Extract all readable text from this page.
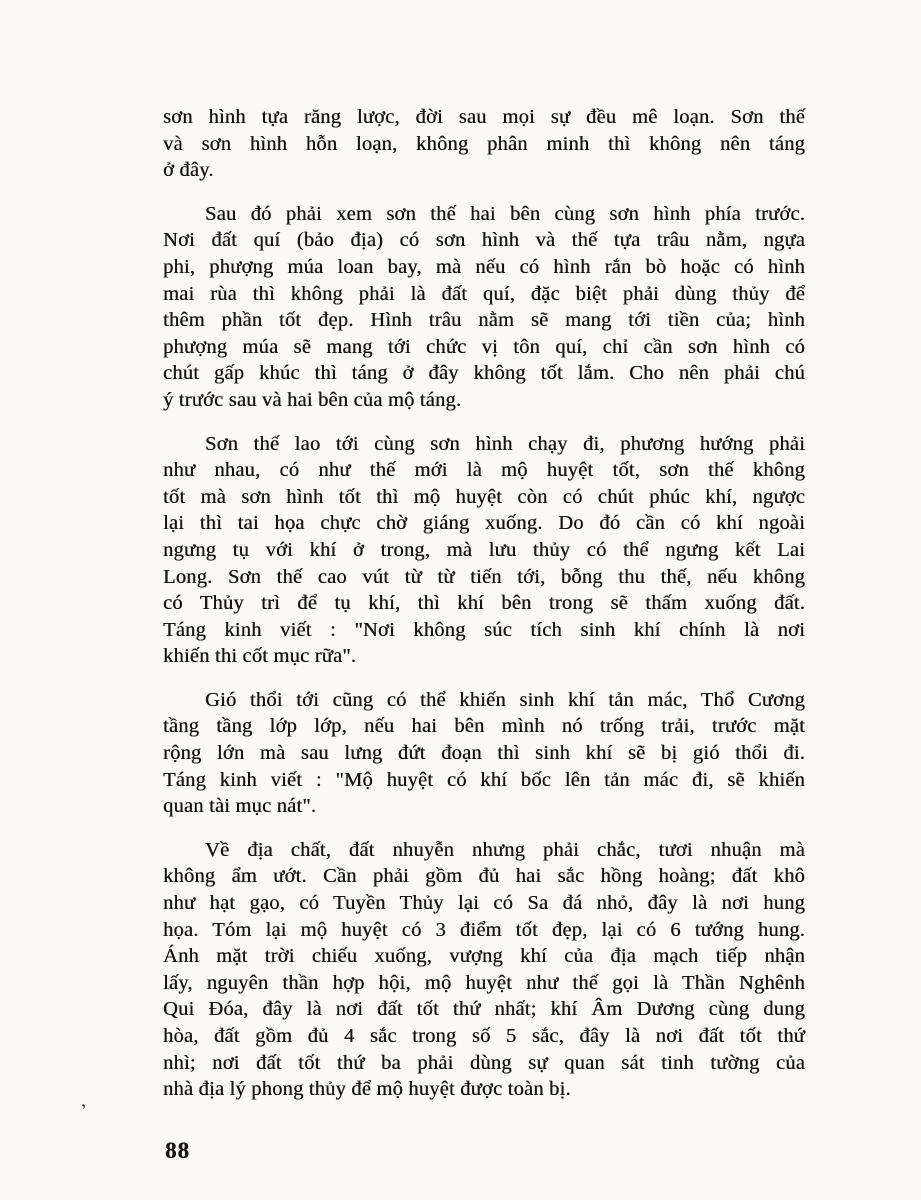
’

sơn hình tựa răng lược, đời sau mọi sự đều mê loạn. Sơn thế
và sơn hình hỗn loạn, không phân minh thì không nên táng
ở đây.

Sau đó phải xem sơn thế hai bên cùng sơn hình phía trước.
Nơi đất quí (bảo địa) có sơn hình và thế tựa trâu nằm, ngựa
phi, phượng múa loan bay, mà nếu có hình rắn bò hoặc có hình
mai rùa thì không phải là đất quí, đặc biệt phải dùng thủy để
thêm phần tốt đẹp. Hình trâu nằm sẽ mang tới tiền của; hình
phượng múa sẽ mang tới chức vị tôn quí, chỉ cần sơn hình có
chút gấp khúc thì táng ở đây không tốt lắm. Cho nên phải chú
ý trước sau và hai bên của mộ táng.

Sơn thế lao tới cùng sơn hình chạy đi, phương hướng phải
như nhau, có như thế mới là mộ huyệt tốt, sơn thế không
tốt mà sơn hình tốt thì mộ huyệt còn có chút phúc khí, ngược
lại thì tai họa chực chờ giáng xuống. Do đó cần có khí ngoài
ngưng tụ với khí ở trong, mà lưu thủy có thể ngưng kết Lai
Long. Sơn thế cao vút từ từ tiến tới, bỗng thu thế, nếu không
có Thủy trì để tụ khí, thì khí bên trong sẽ thấm xuống đất.
Táng kinh viết : "Nơi không súc tích sinh khí chính là nơi
khiến thi cốt mục rữa".

Gió thổi tới cũng có thể khiến sinh khí tản mác, Thổ Cương
tầng tầng lớp lớp, nếu hai bên mình nó trống trải, trước mặt
rộng lớn mà sau lưng đứt đoạn thì sinh khí sẽ bị gió thổi đi.
Táng kinh viết : "Mộ huyệt có khí bốc lên tản mác đi, sẽ khiến
quan tài mục nát".

Về địa chất, đất nhuyễn nhưng phải chắc, tươi nhuận mà
không ẩm ướt. Cần phải gồm đủ hai sắc hồng hoàng; đất khô
như hạt gạo, có Tuyền Thủy lại có Sa đá nhỏ, đây là nơi hung
họa. Tóm lại mộ huyệt có 3 điểm tốt đẹp, lại có 6 tướng hung.
Ánh mặt trời chiếu xuống, vượng khí của địa mạch tiếp nhận
lấy, nguyên thần hợp hội, mộ huyệt như thế gọi là Thần Nghênh
Qui Đóa, đây là nơi đất tốt thứ nhất; khí Âm Dương cùng dung
hòa, đất gồm đủ 4 sắc trong số 5 sắc, đây là nơi đất tốt thứ
nhì; nơi đất tốt thứ ba phải dùng sự quan sát tinh tường của
nhà địa lý phong thủy để mộ huyệt được toàn bị.

88
